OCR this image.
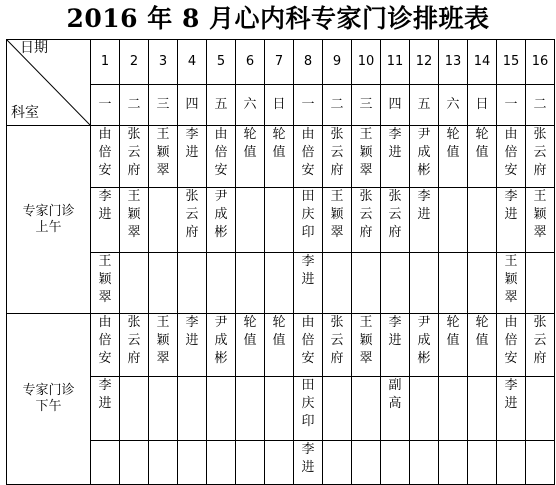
2016 年 8 月心内科专家门诊排班表
日期
科室	1	2	3	4	5	6	7	8	9	10	11	12	13	14	15	16
	一	二	三	四	五	六	日	一	二	三	四	五	六	日	一	二
专家门诊
上午	由倍安	张云府	王颖翠	李进	由倍安	轮值	轮值	由倍安	张云府	王颖翠	李进	尹成彬	轮值	轮值	由倍安	张云府

	李进	王颖翠		张云府	尹成彬			田庆印	王颖翠	张云府	张云府	李进			李进	王颖翠

	王颖翠							李进							王颖翠	

专家门诊
下午	由倍安	张云府	王颖翠	李进	尹成彬	轮值	轮值	由倍安	张云府	王颖翠	李进	尹成彬	轮值	轮值	由倍安	张云府

	李进							田庆印			副高				李进	

								李进								
